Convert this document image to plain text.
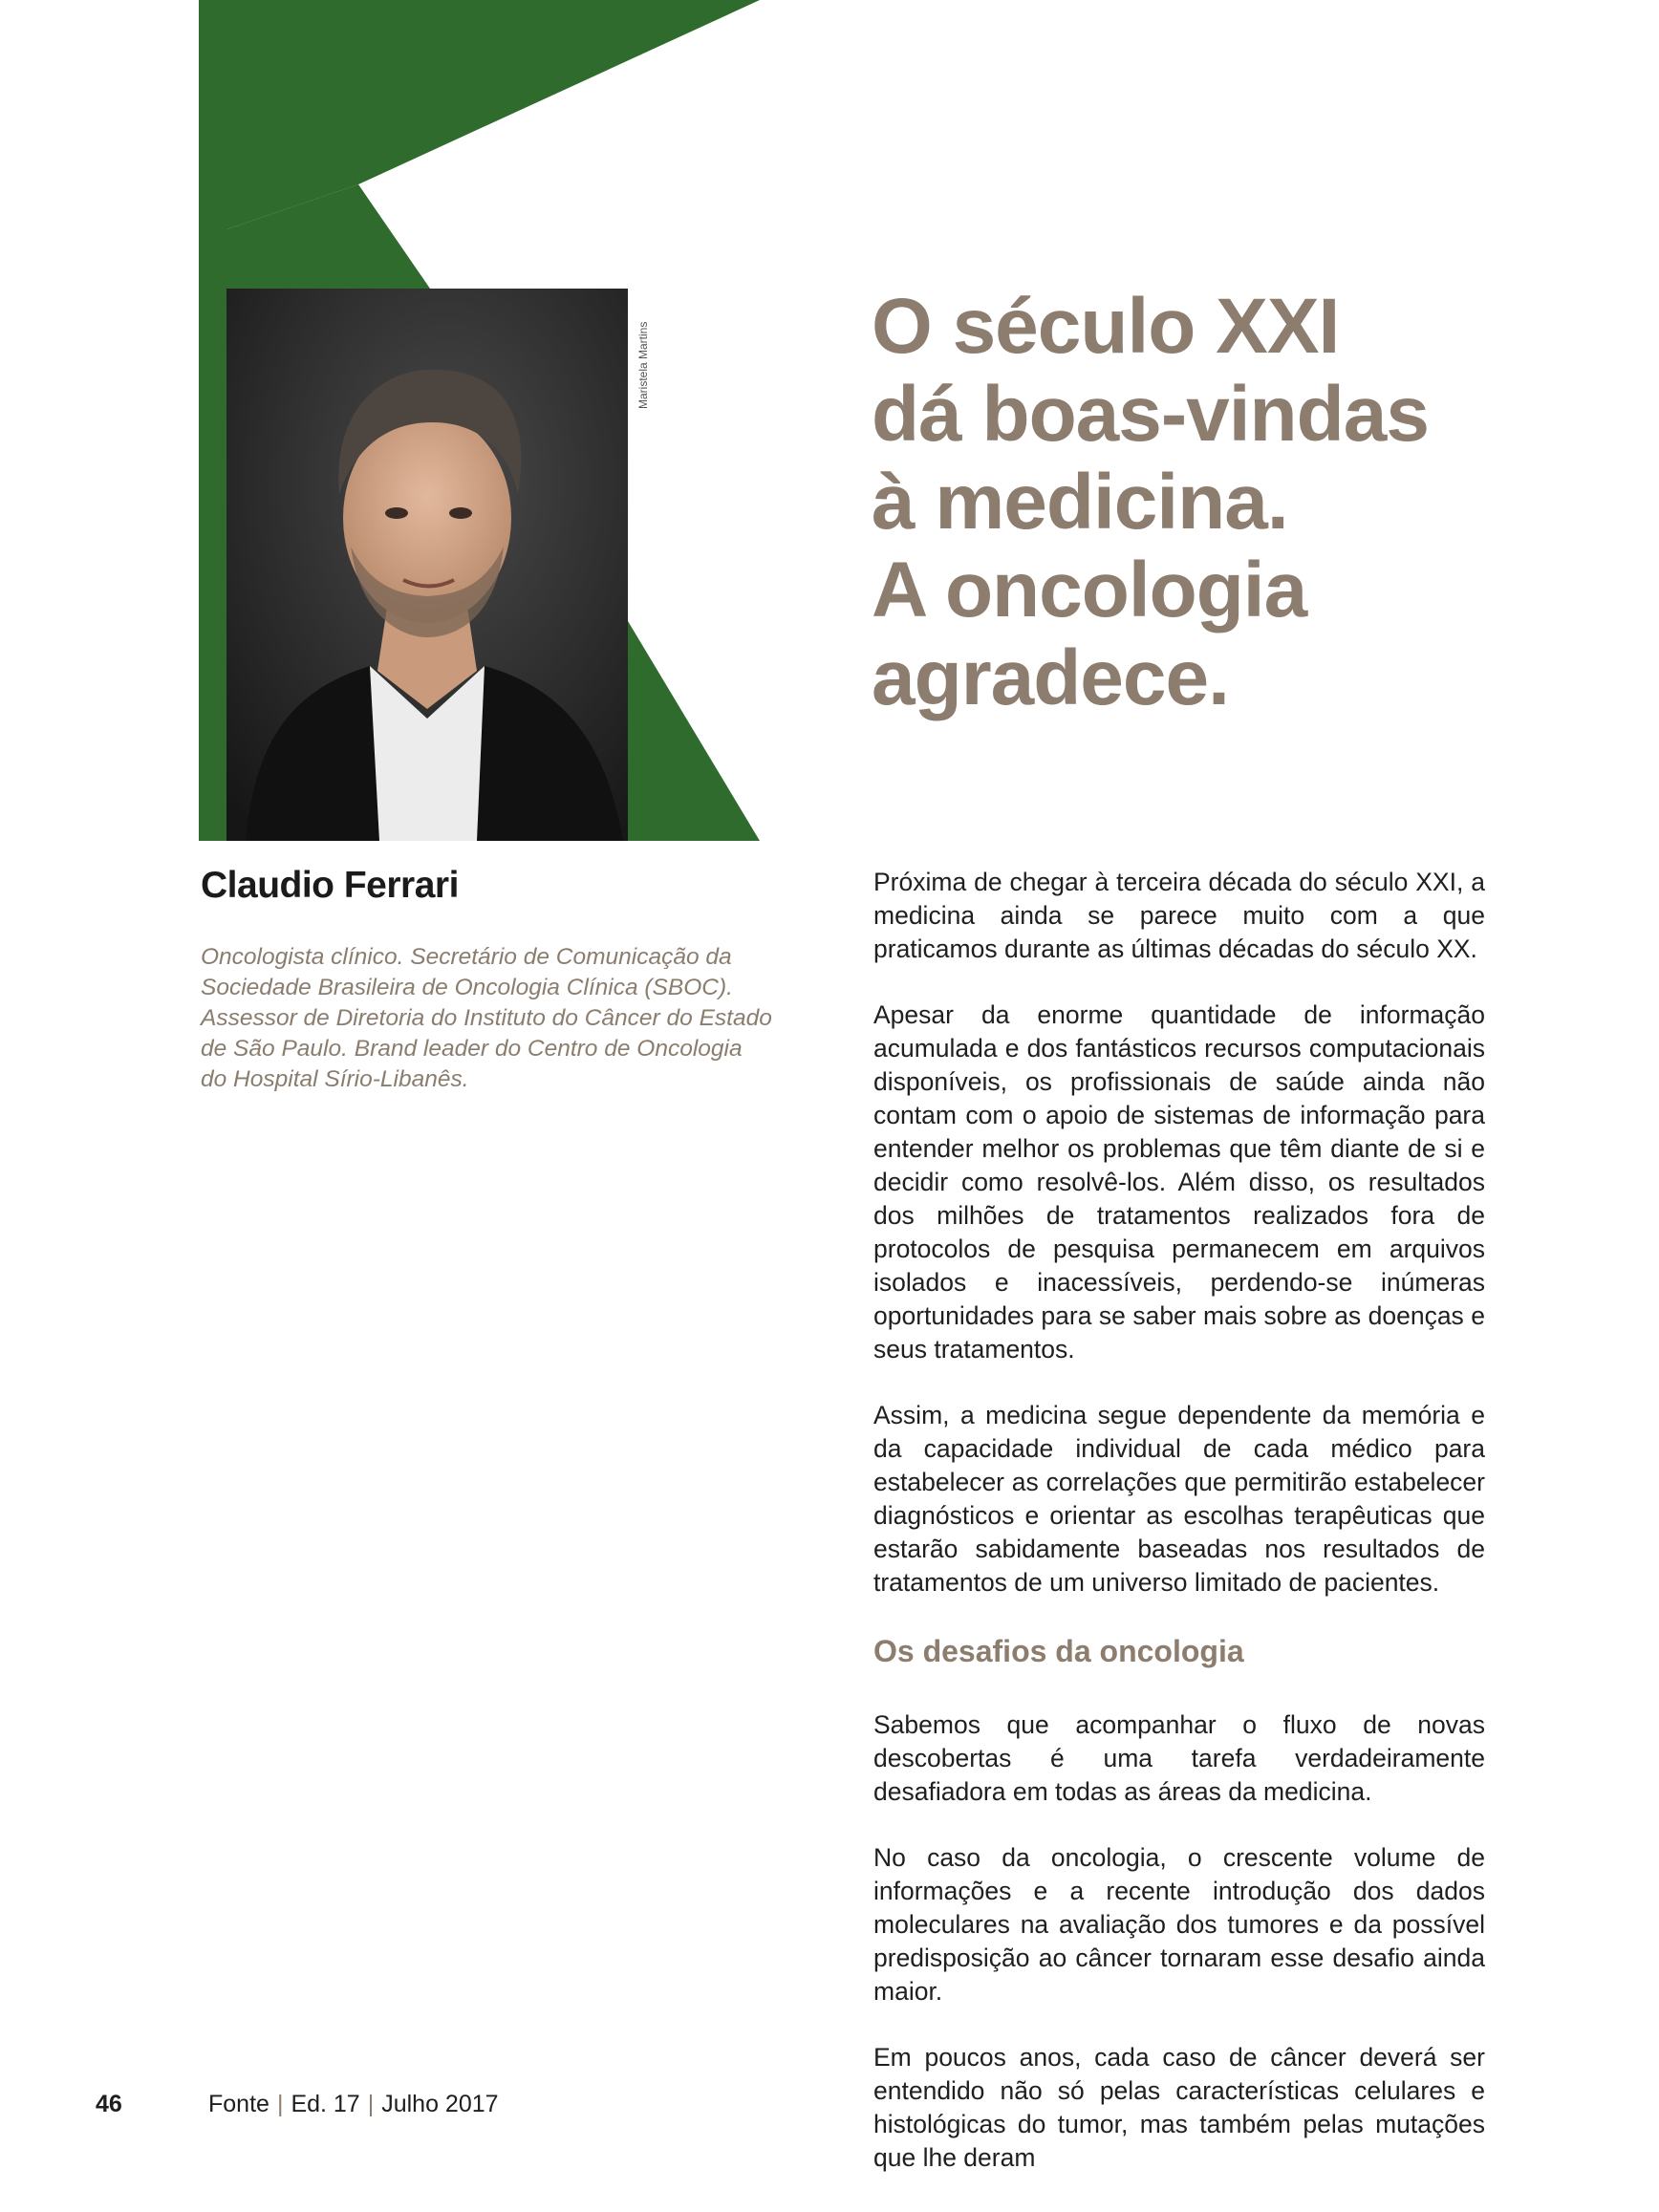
Maristela Martins
Claudio Ferrari
Oncologista clínico. Secretário de Comunicação da Sociedade Brasileira de Oncologia Clínica (SBOC). Assessor de Diretoria do Instituto do Câncer do Estado de São Paulo. Brand leader do Centro de Oncologia do Hospital Sírio-Libanês.
O século XXI
dá boas-vindas
à medicina.
A oncologia
agradece.

Próxima de chegar à terceira década do século XXI, a medicina ainda se parece muito com a que praticamos durante as últimas décadas do século XX.

Apesar da enorme quantidade de informação acumulada e dos fantásticos recursos computacionais disponíveis, os profissionais de saúde ainda não contam com o apoio de sistemas de informação para entender melhor os problemas que têm diante de si e decidir como resolvê-los. Além disso, os resultados dos milhões de tratamentos realizados fora de protocolos de pesquisa permanecem em arquivos isolados e inacessíveis, perdendo-se inúmeras oportunidades para se saber mais sobre as doenças e seus tratamentos.

Assim, a medicina segue dependente da memória e da capacidade individual de cada médico para estabelecer as correlações que permitirão estabelecer diagnósticos e orientar as escolhas terapêuticas que estarão sabidamente baseadas nos resultados de tratamentos de um universo limitado de pacientes.

Os desafios da oncologia

Sabemos que acompanhar o fluxo de novas descobertas é uma tarefa verdadeiramente desafiadora em todas as áreas da medicina.

No caso da oncologia, o crescente volume de informações e a recente introdução dos dados moleculares na avaliação dos tumores e da possível predisposição ao câncer tornaram esse desafio ainda maior.

Em poucos anos, cada caso de câncer deverá ser entendido não só pelas características celulares e histológicas do tumor, mas também pelas mutações que lhe deram

46	Fonte | Ed. 17 | Julho 2017
